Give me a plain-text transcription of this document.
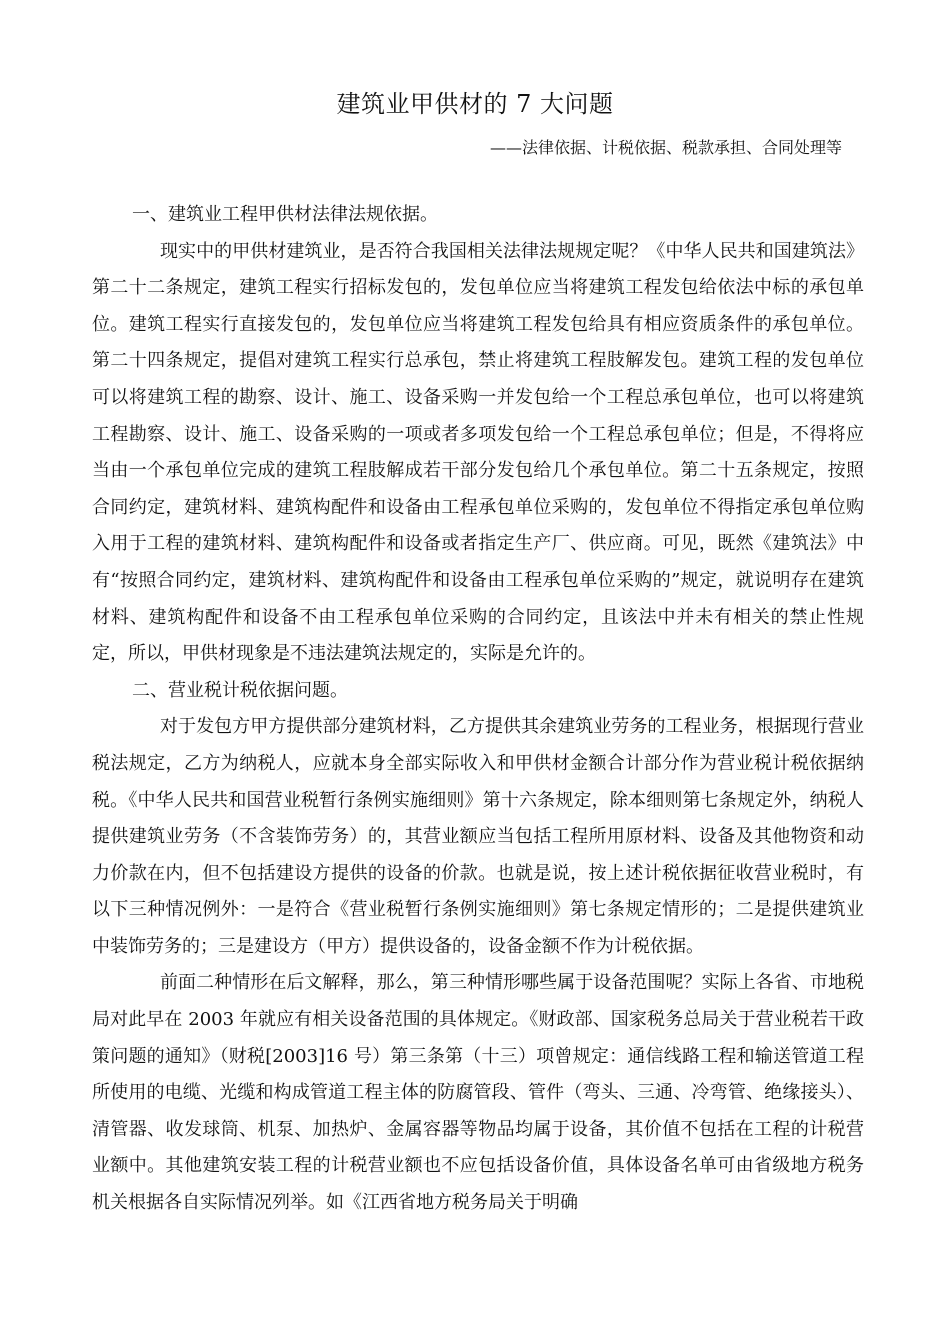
建筑业甲供材的 7 大问题

——法律依据、计税依据、税款承担、合同处理等

一、建筑业工程甲供材法律法规依据。

现实中的甲供材建筑业，是否符合我国相关法律法规规定呢？《中华人民共和国建筑法》第二十二条规定，建筑工程实行招标发包的，发包单位应当将建筑工程发包给依法中标的承包单位。建筑工程实行直接发包的，发包单位应当将建筑工程发包给具有相应资质条件的承包单位。第二十四条规定，提倡对建筑工程实行总承包，禁止将建筑工程肢解发包。建筑工程的发包单位可以将建筑工程的勘察、设计、施工、设备采购一并发包给一个工程总承包单位，也可以将建筑工程勘察、设计、施工、设备采购的一项或者多项发包给一个工程总承包单位；但是，不得将应当由一个承包单位完成的建筑工程肢解成若干部分发包给几个承包单位。第二十五条规定，按照合同约定，建筑材料、建筑构配件和设备由工程承包单位采购的，发包单位不得指定承包单位购入用于工程的建筑材料、建筑构配件和设备或者指定生产厂、供应商。可见，既然《建筑法》中有“按照合同约定，建筑材料、建筑构配件和设备由工程承包单位采购的”规定，就说明存在建筑材料、建筑构配件和设备不由工程承包单位采购的合同约定，且该法中并未有相关的禁止性规定，所以，甲供材现象是不违法建筑法规定的，实际是允许的。

二、营业税计税依据问题。

对于发包方甲方提供部分建筑材料，乙方提供其余建筑业劳务的工程业务，根据现行营业税法规定，乙方为纳税人，应就本身全部实际收入和甲供材金额合计部分作为营业税计税依据纳税。《中华人民共和国营业税暂行条例实施细则》第十六条规定，除本细则第七条规定外，纳税人提供建筑业劳务（不含装饰劳务）的，其营业额应当包括工程所用原材料、设备及其他物资和动力价款在内，但不包括建设方提供的设备的价款。也就是说，按上述计税依据征收营业税时，有以下三种情况例外：一是符合《营业税暂行条例实施细则》第七条规定情形的；二是提供建筑业中装饰劳务的；三是建设方（甲方）提供设备的，设备金额不作为计税依据。

前面二种情形在后文解释，那么，第三种情形哪些属于设备范围呢？实际上各省、市地税局对此早在 2003 年就应有相关设备范围的具体规定。《财政部、国家税务总局关于营业税若干政策问题的通知》（财税[2003]16 号）第三条第（十三）项曾规定：通信线路工程和输送管道工程所使用的电缆、光缆和构成管道工程主体的防腐管段、管件（弯头、三通、冷弯管、绝缘接头）、清管器、收发球筒、机泵、加热炉、金属容器等物品均属于设备，其价值不包括在工程的计税营业额中。其他建筑安装工程的计税营业额也不应包括设备价值，具体设备名单可由省级地方税务机关根据各自实际情况列举。如《江西省地方税务局关于明确
